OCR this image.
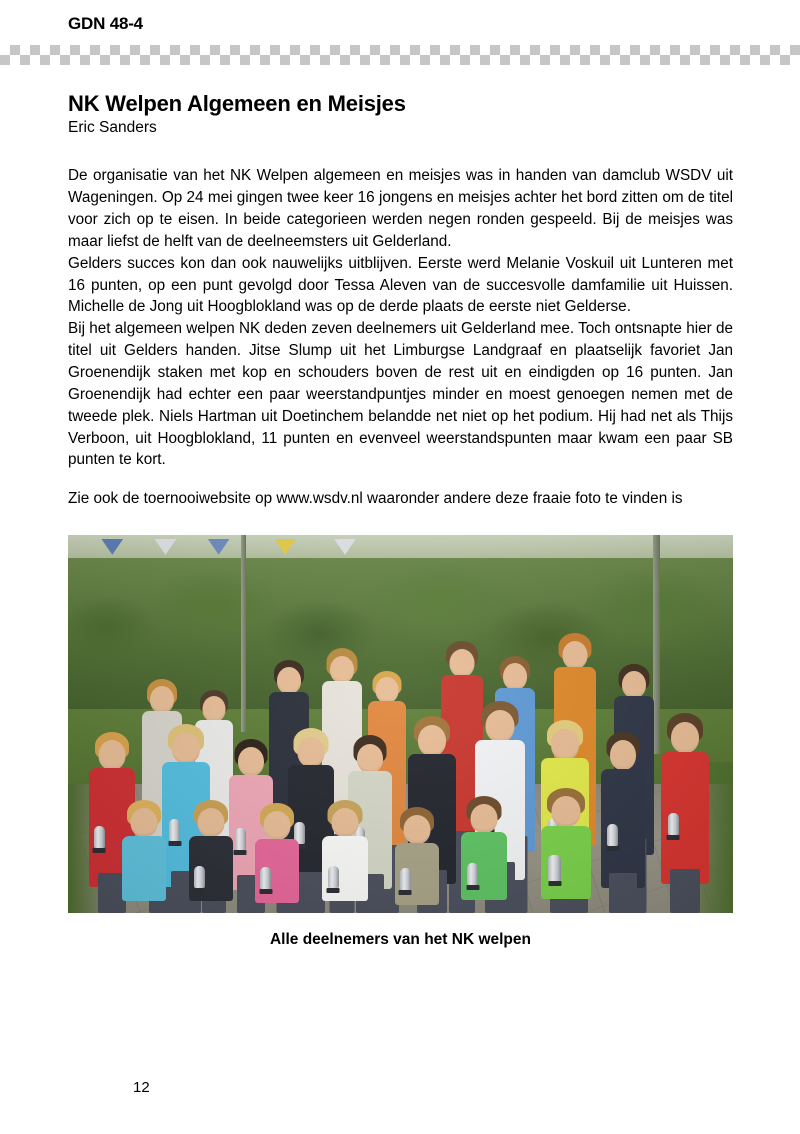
GDN 48-4
NK Welpen Algemeen en Meisjes

Eric Sanders

De organisatie van het NK Welpen algemeen en meisjes was in handen van damclub WSDV uit Wageningen. Op 24 mei gingen twee keer 16 jongens en meisjes achter het bord zitten om de titel voor zich op te eisen. In beide categorieen werden negen ronden gespeeld. Bij de meisjes was maar liefst de helft van de deelneemsters uit Gelderland.

Gelders succes kon dan ook nauwelijks uitblijven. Eerste werd Melanie Voskuil uit Lunteren met 16 punten, op een punt gevolgd door Tessa Aleven van de succesvolle damfamilie uit Huissen. Michelle de Jong uit Hoogblokland was op de derde plaats de eerste niet Gelderse.

Bij het algemeen welpen NK deden zeven deelnemers uit Gelderland mee. Toch ontsnapte hier de titel uit Gelders handen. Jitse Slump uit het Limburgse Landgraaf en plaatselijk favoriet Jan Groenendijk staken met kop en schouders boven de rest uit en eindigden op 16 punten. Jan Groenendijk had echter een paar weerstandpuntjes minder en moest genoegen nemen met de tweede plek. Niels Hartman uit Doetinchem belandde net niet op het podium. Hij had net als Thijs Verboon, uit Hoogblokland, 11 punten en evenveel weerstandspunten maar kwam een paar SB punten te kort.

Zie ook de toernooiwebsite op www.wsdv.nl waaronder andere deze fraaie foto te vinden is

Alle deelnemers van het NK welpen
12
